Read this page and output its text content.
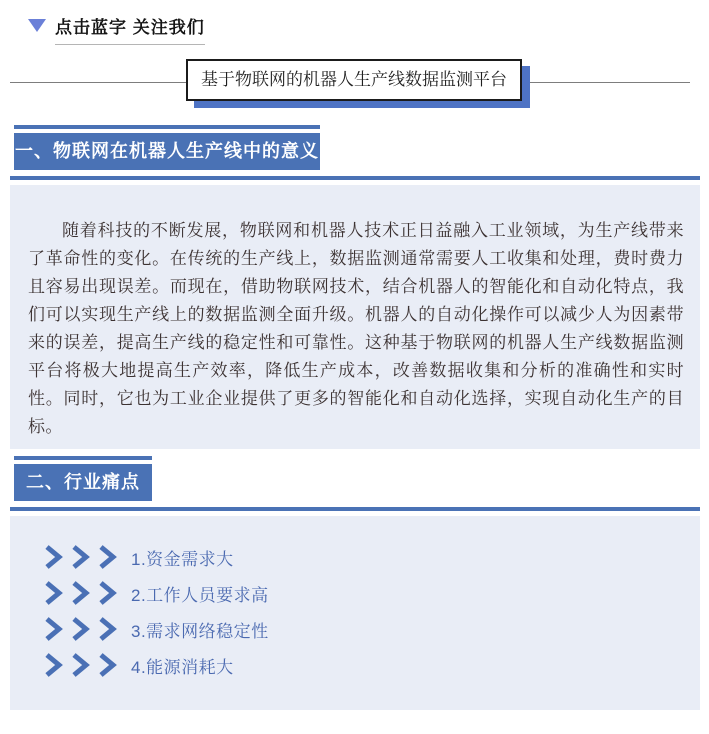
点击蓝字 关注我们
基于物联网的机器人生产线数据监测平台
一、物联网在机器人生产线中的意义

随着科技的不断发展，物联网和机器人技术正日益融入工业领域，为生产线带来了革命性的变化。在传统的生产线上，数据监测通常需要人工收集和处理，费时费力且容易出现误差。而现在，借助物联网技术，结合机器人的智能化和自动化特点，我们可以实现生产线上的数据监测全面升级。机器人的自动化操作可以减少人为因素带来的误差，提高生产线的稳定性和可靠性。这种基于物联网的机器人生产线数据监测平台将极大地提高生产效率，降低生产成本，改善数据收集和分析的准确性和实时性。同时，它也为工业企业提供了更多的智能化和自动化选择，实现自动化生产的目标。

二、行业痛点
1.资金需求大
2.工作人员要求高
3.需求网络稳定性
4.能源消耗大
